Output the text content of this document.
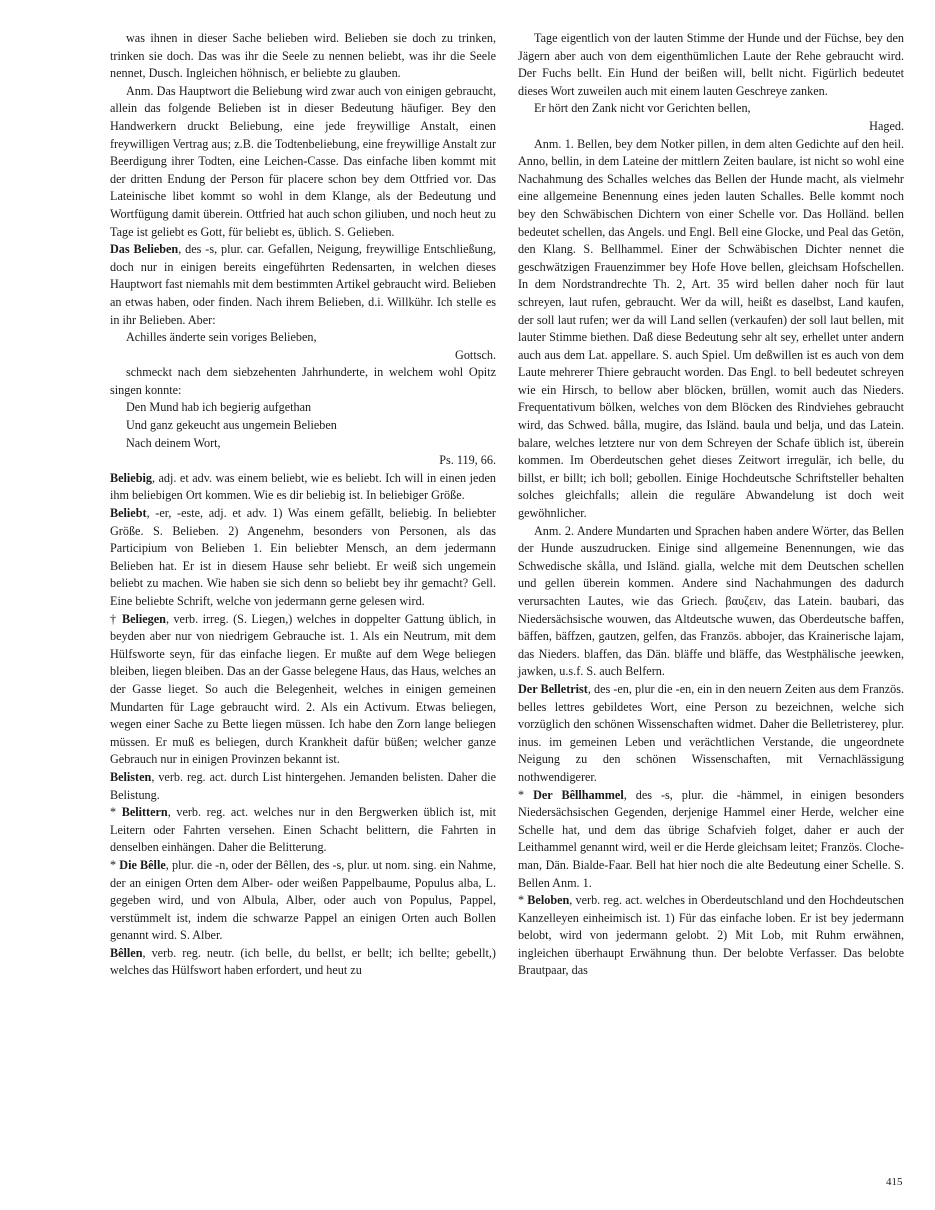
was ihnen in dieser Sache belieben wird. Belieben sie doch zu trinken, trinken sie doch. Das was ihr die Seele zu nennen beliebt, was ihr die Seele nennet, Dusch. Ingleichen höhnisch, er beliebte zu glauben.
Anm. Das Hauptwort die Beliebung wird zwar auch von einigen gebraucht, allein das folgende Belieben ist in dieser Bedeutung häufiger. Bey den Handwerkern druckt Beliebung, eine jede freywillige Anstalt, einen freywilligen Vertrag aus; z.B. die Todtenbeliebung, eine freywillige Anstalt zur Beerdigung ihrer Todten, eine Leichen-Casse. Das einfache liben kommt mit der dritten Endung der Person für placere schon bey dem Ottfried vor. Das Lateinische libet kommt so wohl in dem Klange, als der Bedeutung und Wortfügung damit überein. Ottfried hat auch schon giliuben, und noch heut zu Tage ist geliebt es Gott, für beliebt es, üblich. S. Gelieben.
Das Belieben, des -s, plur. car. Gefallen, Neigung, freywillige Entschließung, doch nur in einigen bereits eingeführten Redensarten, in welchen dieses Hauptwort fast niemahls mit dem bestimmten Artikel gebraucht wird. Belieben an etwas haben, oder finden. Nach ihrem Belieben, d.i. Willkühr. Ich stelle es in ihr Belieben. Aber:
Achilles änderte sein voriges Belieben,
Gottsch.
schmeckt nach dem siebzehenten Jahrhunderte, in welchem wohl Opitz singen konnte:
Den Mund hab ich begierig aufgethan
Und ganz gekeucht aus ungemein Belieben
Nach deinem Wort,
Ps. 119, 66.
Beliebig, adj. et adv. was einem beliebt, wie es beliebt. Ich will in einen jeden ihm beliebigen Ort kommen. Wie es dir beliebig ist. In beliebiger Größe.
Beliebt, -er, -este, adj. et adv. 1) Was einem gefällt, beliebig. In beliebter Größe. S. Belieben. 2) Angenehm, besonders von Personen, als das Participium von Belieben 1. Ein beliebter Mensch, an dem jedermann Belieben hat. Er ist in diesem Hause sehr beliebt. Er weiß sich ungemein beliebt zu machen. Wie haben sie sich denn so beliebt bey ihr gemacht? Gell. Eine beliebte Schrift, welche von jedermann gerne gelesen wird.
† Beliegen, verb. irreg. (S. Liegen,) welches in doppelter Gattung üblich, in beyden aber nur von niedrigem Gebrauche ist. 1. Als ein Neutrum, mit dem Hülfsworte seyn, für das einfache liegen. Er mußte auf dem Wege beliegen bleiben, liegen bleiben. Das an der Gasse belegene Haus, das Haus, welches an der Gasse lieget. So auch die Belegenheit, welches in einigen gemeinen Mundarten für Lage gebraucht wird. 2. Als ein Activum. Etwas beliegen, wegen einer Sache zu Bette liegen müssen. Ich habe den Zorn lange beliegen müssen. Er muß es beliegen, durch Krankheit dafür büßen; welcher ganze Gebrauch nur in einigen Provinzen bekannt ist.
Belisten, verb. reg. act. durch List hintergehen. Jemanden belisten. Daher die Belistung.
* Belittern, verb. reg. act. welches nur in den Bergwerken üblich ist, mit Leitern oder Fahrten versehen. Einen Schacht belittern, die Fahrten in denselben einhängen. Daher die Belitterung.
* Die Bêlle, plur. die -n, oder der Bêllen, des -s, plur. ut nom. sing. ein Nahme, der an einigen Orten dem Alber- oder weißen Pappelbaume, Populus alba, L. gegeben wird, und von Albula, Alber, oder auch von Populus, Pappel, verstümmelt ist, indem die schwarze Pappel an einigen Orten auch Bollen genannt wird. S. Alber.
Bêllen, verb. reg. neutr. (ich belle, du bellst, er bellt; ich bellte; gebellt,) welches das Hülfswort haben erfordert, und heut zu
Tage eigentlich von der lauten Stimme der Hunde und der Füchse, bey den Jägern aber auch von dem eigenthümlichen Laute der Rehe gebraucht wird. Der Fuchs bellt. Ein Hund der beißen will, bellt nicht. Figürlich bedeutet dieses Wort zuweilen auch mit einem lauten Geschreye zanken.
Er hört den Zank nicht vor Gerichten bellen,
Haged.
Anm. 1. Bellen, bey dem Notker pillen, in dem alten Gedichte auf den heil. Anno, bellin, in dem Lateine der mittlern Zeiten baulare, ist nicht so wohl eine Nachahmung des Schalles welches das Bellen der Hunde macht, als vielmehr eine allgemeine Benennung eines jeden lauten Schalles. Belle kommt noch bey den Schwäbischen Dichtern von einer Schelle vor. Das Holländ. bellen bedeutet schellen, das Angels. und Engl. Bell eine Glocke, und Peal das Getön, den Klang. S. Bellhammel. Einer der Schwäbischen Dichter nennet die geschwätzigen Frauenzimmer bey Hofe Hove bellen, gleichsam Hofschellen. In dem Nordstrandrechte Th. 2, Art. 35 wird bellen daher noch für laut schreyen, laut rufen, gebraucht. Wer da will, heißt es daselbst, Land kaufen, der soll laut rufen; wer da will Land sellen (verkaufen) der soll laut bellen, mit lauter Stimme biethen. Daß diese Bedeutung sehr alt sey, erhellet unter andern auch aus dem Lat. appellare. S. auch Spiel. Um deßwillen ist es auch von dem Laute mehrerer Thiere gebraucht worden. Das Engl. to bell bedeutet schreyen wie ein Hirsch, to bellow aber blöcken, brüllen, womit auch das Nieders. Frequentativum bölken, welches von dem Blöcken des Rindviehes gebraucht wird, das Schwed. bålla, mugire, das Isländ. baula und belja, und das Latein. balare, welches letztere nur von dem Schreyen der Schafe üblich ist, überein kommen. Im Oberdeutschen gehet dieses Zeitwort irregulär, ich belle, du billst, er billt; ich boll; gebollen. Einige Hochdeutsche Schriftsteller behalten solches gleichfalls; allein die reguläre Abwandelung ist doch weit gewöhnlicher.
Anm. 2. Andere Mundarten und Sprachen haben andere Wörter, das Bellen der Hunde auszudrucken. Einige sind allgemeine Benennungen, wie das Schwedische skålla, und Isländ. gialla, welche mit dem Deutschen schellen und gellen überein kommen. Andere sind Nachahmungen des dadurch verursachten Lautes, wie das Griech. βαυζειν, das Latein. baubari, das Niedersächsische wouwen, das Altdeutsche wuwen, das Oberdeutsche baffen, bäffen, bäffzen, gautzen, gelfen, das Französ. abbojer, das Krainerische lajam, das Nieders. blaffen, das Dän. bläffe und bläffe, das Westphälische jeewken, jawken, u.s.f. S. auch Belfern.
Der Belletrist, des -en, plur die -en, ein in den neuern Zeiten aus dem Französ. belles lettres gebildetes Wort, eine Person zu bezeichnen, welche sich vorzüglich den schönen Wissenschaften widmet. Daher die Belletristerey, plur. inus. im gemeinen Leben und verächtlichen Verstande, die ungeordnete Neigung zu den schönen Wissenschaften, mit Vernachlässigung nothwendigerer.
* Der Bêllhammel, des -s, plur. die -hämmel, in einigen besonders Niedersächsischen Gegenden, derjenige Hammel einer Herde, welcher eine Schelle hat, und dem das übrige Schafvieh folget, daher er auch der Leithammel genannt wird, weil er die Herde gleichsam leitet; Französ. Cloche-man, Dän. Bialde-Faar. Bell hat hier noch die alte Bedeutung einer Schelle. S. Bellen Anm. 1.
* Beloben, verb. reg. act. welches in Oberdeutschland und den Hochdeutschen Kanzelleyen einheimisch ist. 1) Für das einfache loben. Er ist bey jedermann belobt, wird von jedermann gelobt. 2) Mit Lob, mit Ruhm erwähnen, ingleichen überhaupt Erwähnung thun. Der belobte Verfasser. Das belobte Brautpaar, das
415
